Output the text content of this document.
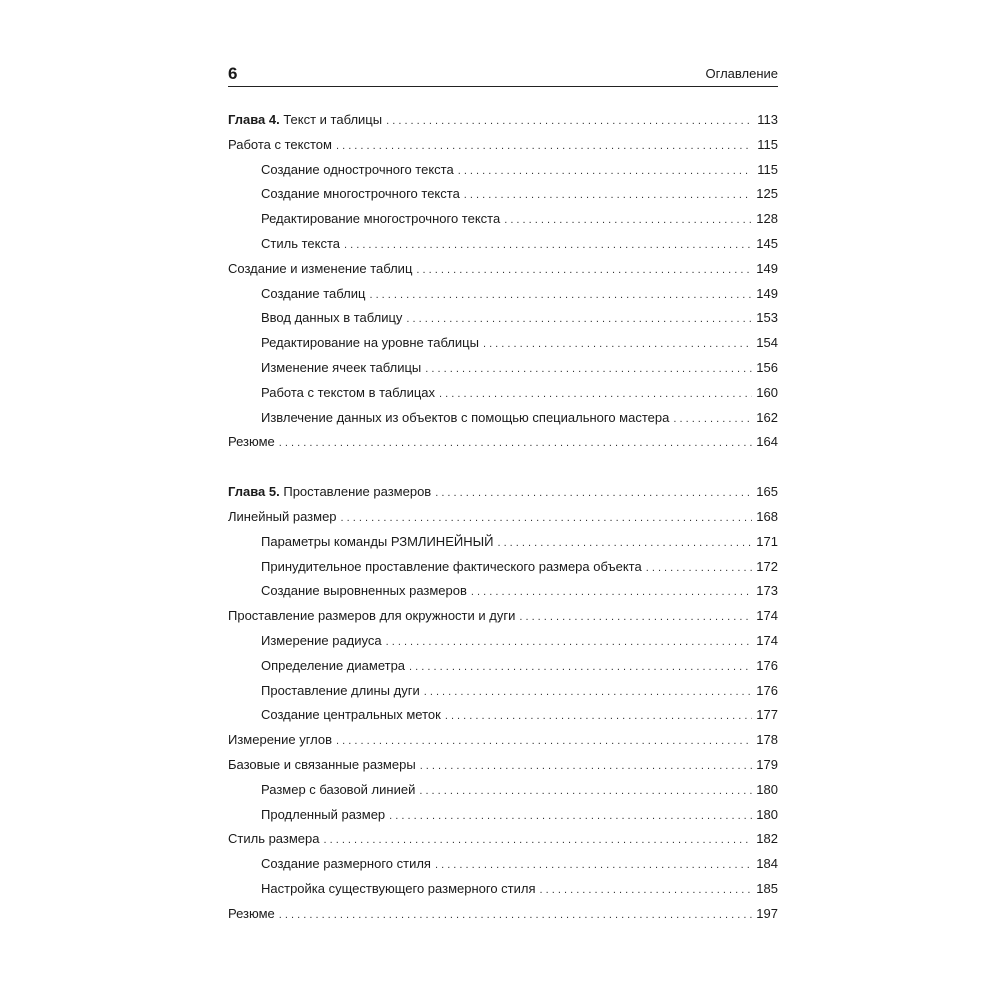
6	Оглавление
Глава 4. Текст и таблицы . . .	113
Работа с текстом . . .	115
Создание однострочного текста . . .	115
Создание многострочного текста . . .	125
Редактирование многострочного текста . . .	128
Стиль текста . . .	145
Создание и изменение таблиц . . .	149
Создание таблиц . . .	149
Ввод данных в таблицу . . .	153
Редактирование на уровне таблицы . . .	154
Изменение ячеек таблицы . . .	156
Работа с текстом в таблицах . . .	160
Извлечение данных из объектов с помощью специального мастера . . .	162
Резюме . . .	164
Глава 5. Проставление размеров . . .	165
Линейный размер . . .	168
Параметры команды РЗМЛИНЕЙНЫЙ . . .	171
Принудительное проставление фактического размера объекта . . .	172
Создание выровненных размеров . . .	173
Проставление размеров для окружности и дуги . . .	174
Измерение радиуса . . .	174
Определение диаметра . . .	176
Проставление длины дуги . . .	176
Создание центральных меток . . .	177
Измерение углов . . .	178
Базовые и связанные размеры . . .	179
Размер с базовой линией . . .	180
Продленный размер . . .	180
Стиль размера . . .	182
Создание размерного стиля . . .	184
Настройка существующего размерного стиля . . .	185
Резюме . . .	197
